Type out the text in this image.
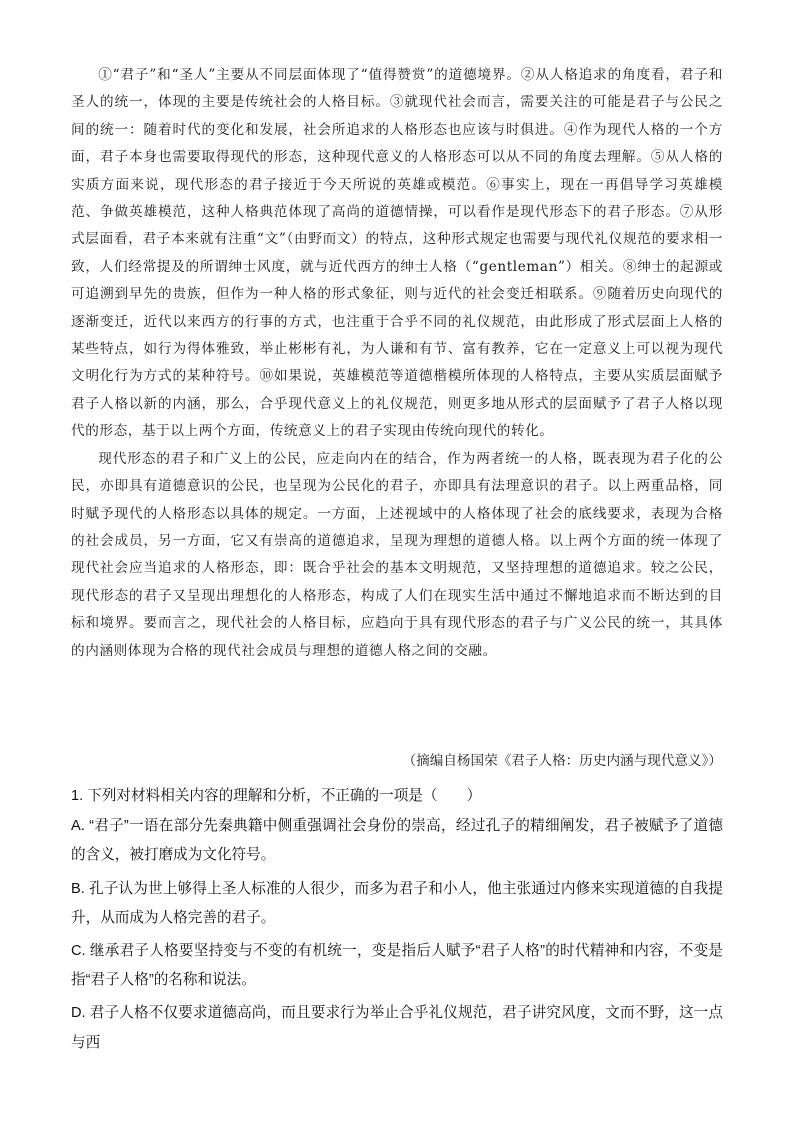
①“君子”和“圣人”主要从不同层面体现了“值得赞赏”的道德境界。②从人格追求的角度看，君子和圣人的统一，体现的主要是传统社会的人格目标。③就现代社会而言，需要关注的可能是君子与公民之间的统一：随着时代的变化和发展，社会所追求的人格形态也应该与时俱进。④作为现代人格的一个方面，君子本身也需要取得现代的形态，这种现代意义的人格形态可以从不同的角度去理解。⑤从人格的实质方面来说，现代形态的君子接近于今天所说的英雄或模范。⑥事实上，现在一再倡导学习英雄模范、争做英雄模范，这种人格典范体现了高尚的道德情操，可以看作是现代形态下的君子形态。⑦从形式层面看，君子本来就有注重“文”（由野而文）的特点，这种形式规定也需要与现代礼仪规范的要求相一致，人们经常提及的所谓绅士风度，就与近代西方的绅士人格（“gentleman”）相关。⑧绅士的起源或可追溯到早先的贵族，但作为一种人格的形式象征，则与近代的社会变迁相联系。⑨随着历史向现代的逐渐变迁，近代以来西方的行事的方式，也注重于合乎不同的礼仪规范，由此形成了形式层面上人格的某些特点，如行为得体雅致，举止彬彬有礼，为人谦和有节、富有教养，它在一定意义上可以视为现代文明化行为方式的某种符号。⑩如果说，英雄模范等道德楷模所体现的人格特点，主要从实质层面赋予君子人格以新的内涵，那么，合乎现代意义上的礼仪规范，则更多地从形式的层面赋予了君子人格以现代的形态，基于以上两个方面，传统意义上的君子实现由传统向现代的转化。

现代形态的君子和广义上的公民，应走向内在的结合，作为两者统一的人格，既表现为君子化的公民，亦即具有道德意识的公民，也呈现为公民化的君子，亦即具有法理意识的君子。以上两重品格，同时赋予现代的人格形态以具体的规定。一方面，上述视域中的人格体现了社会的底线要求，表现为合格的社会成员，另一方面，它又有崇高的道德追求，呈现为理想的道德人格。以上两个方面的统一体现了现代社会应当追求的人格形态，即：既合乎社会的基本文明规范，又坚持理想的道德追求。较之公民，现代形态的君子又呈现出理想化的人格形态，构成了人们在现实生活中通过不懈地追求而不断达到的目标和境界。要而言之，现代社会的人格目标，应趋向于具有现代形态的君子与广义公民的统一，其具体的内涵则体现为合格的现代社会成员与理想的道德人格之间的交融。

（摘编自杨国荣《君子人格：历史内涵与现代意义》）

1. 下列对材料相关内容的理解和分析，不正确的一项是（　　）

A. “君子”一语在部分先秦典籍中侧重强调社会身份的崇高，经过孔子的精细阐发，君子被赋予了道德的含义，被打磨成为文化符号。

B. 孔子认为世上够得上圣人标准的人很少，而多为君子和小人，他主张通过内修来实现道德的自我提升，从而成为人格完善的君子。

C. 继承君子人格要坚持变与不变的有机统一，变是指后人赋予“君子人格”的时代精神和内容，不变是指“君子人格”的名称和说法。

D. 君子人格不仅要求道德高尚，而且要求行为举止合乎礼仪规范，君子讲究风度，文而不野，这一点与西
